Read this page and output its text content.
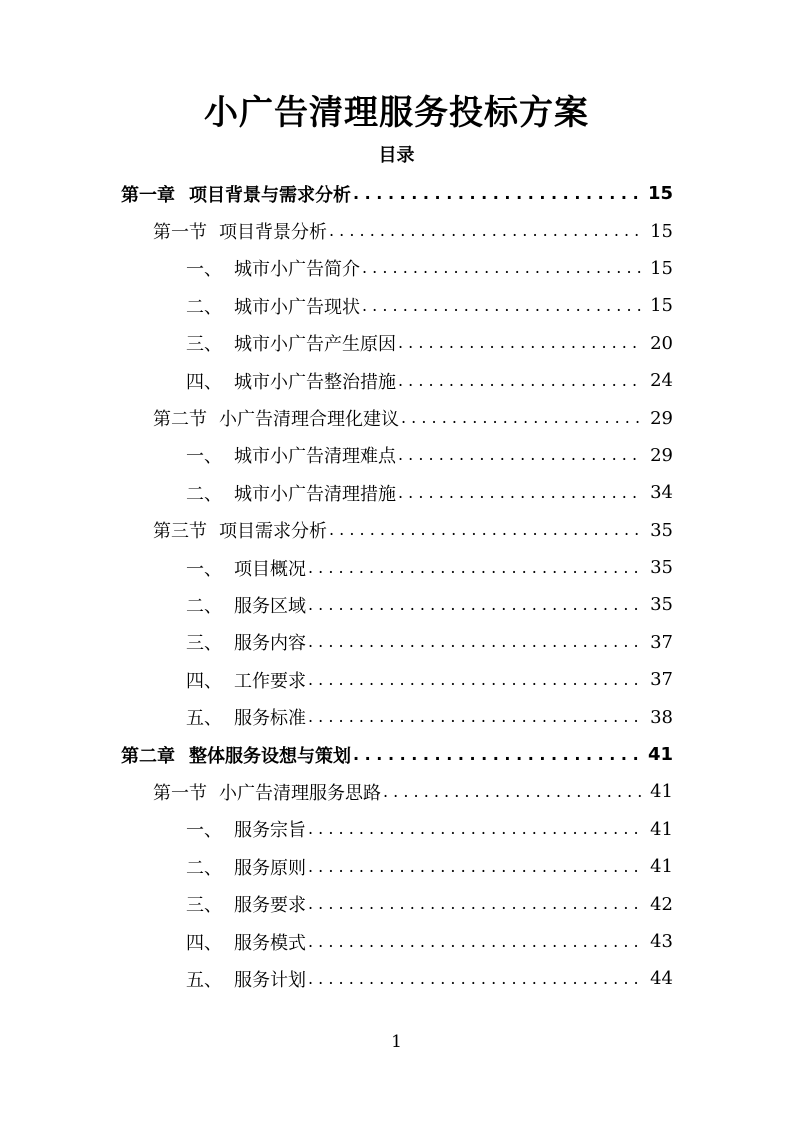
小广告清理服务投标方案
目录
第一章 项目背景与需求分析 . . .	15
第一节 项目背景分析 . . .	15
一、 城市小广告简介 . . .	15
二、 城市小广告现状 . . .	15
三、 城市小广告产生原因 . . .	20
四、 城市小广告整治措施 . . .	24
第二节 小广告清理合理化建议 . . .	29
一、 城市小广告清理难点 . . .	29
二、 城市小广告清理措施 . . .	34
第三节 项目需求分析 . . .	35
一、 项目概况 . . .	35
二、 服务区域 . . .	35
三、 服务内容 . . .	37
四、 工作要求 . . .	37
五、 服务标准 . . .	38
第二章 整体服务设想与策划 . . .	41
第一节 小广告清理服务思路 . . .	41
一、 服务宗旨 . . .	41
二、 服务原则 . . .	41
三、 服务要求 . . .	42
四、 服务模式 . . .	43
五、 服务计划 . . .	44
1
